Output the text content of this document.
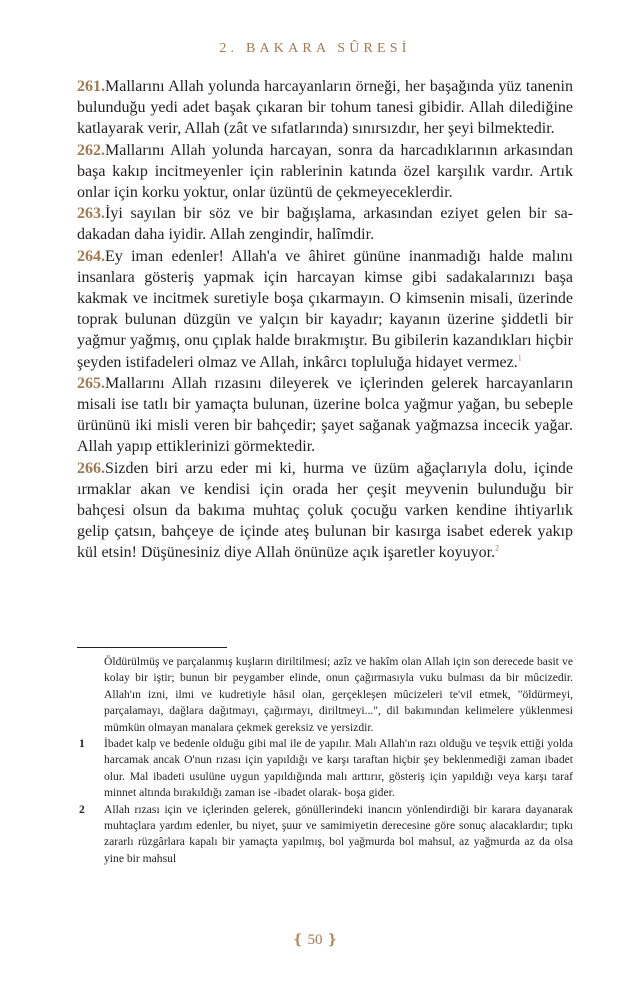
2. BAKARA SÛRESİ

261.Mallarını Allah yolunda harcayanların örneği, her başağında yüz tanenin bulunduğu yedi adet başak çıkaran bir tohum tanesi gibidir. Allah dilediğine katlayarak verir, Allah (zât ve sıfatlarında) sınırsızdır, her şeyi bilmektedir.

262.Mallarını Allah yolunda harcayan, sonra da harcadıklarının arkasından başa kakıp incitmeyenler için rablerinin katında özel karşılık vardır. Artık onlar için korku yoktur, onlar üzüntü de çekmeyeceklerdir.

263.İyi sayılan bir söz ve bir bağışlama, arkasından eziyet gelen bir sadakadan daha iyidir. Allah zengindir, halîmdir.

264.Ey iman edenler! Allah'a ve âhiret gününe inanmadığı halde malını insanlara gösteriş yapmak için harcayan kimse gibi sadakalarınızı başa kakmak ve incitmek suretiyle boşa çıkarmayın. O kimsenin misali, üzerinde toprak bulunan düzgün ve yalçın bir kayadır; kayanın üzerine şiddetli bir yağmur yağmış, onu çıplak halde bırakmıştır. Bu gibilerin kazandıkları hiçbir şeyden istifadeleri olmaz ve Allah, inkârcı topluluğa hidayet vermez.$^1$

265.Mallarını Allah rızasını dileyerek ve içlerinden gelerek harcayanların misali ise tatlı bir yamaçta bulunan, üzerine bolca yağmur yağan, bu sebeple ürününü iki misli veren bir bahçedir; şayet sağanak yağmazsa incecik yağar. Allah yapıp ettiklerinizi görmektedir.

266.Sizden biri arzu eder mi ki, hurma ve üzüm ağaçlarıyla dolu, içinde ırmaklar akan ve kendisi için orada her çeşit meyvenin bulunduğu bir bahçesi olsun da bakıma muhtaç çoluk çocuğu varken kendine ihtiyarlık gelip çatsın, bahçeye de içinde ateş bulunan bir kasırga isabet ederek yakıp kül etsin! Düşünesiniz diye Allah önünüze açık işaretler koyuyor.$^2$

Öldürülmüş ve parçalanmış kuşların diriltilmesi; azîz ve hakîm olan Allah için son derecede basit ve kolay bir iştir; bunun bir peygamber elinde, onun çağırmasıyla vuku bulması da bir mûcizedir. Allah'ın izni, ilmi ve kudretiyle hâsıl olan, gerçekleşen mûcizeleri te'vil etmek, "öldürmeyi, parçalamayı, dağlara dağıtmayı, çağırmayı, diriltmeyi...", dil bakımından kelimelere yüklenmesi mümkün olmayan manalara çekmek gereksiz ve yersizdir.

1 İbadet kalp ve bedenle olduğu gibi mal ile de yapılır. Malı Allah'ın razı olduğu ve teşvik ettiği yolda harcamak ancak O'nun rızası için yapıldığı ve karşı taraftan hiçbir şey beklenmediği zaman ibadet olur. Mal ibadeti usulüne uygun yapıldığında malı arttırır, gösteriş için yapıldığı veya karşı taraf minnet altında bırakıldığı zaman ise -ibadet olarak- boşa gider.

2 Allah rızası için ve içlerinden gelerek, gönüllerindeki inancın yönlendirdiği bir karara dayanarak muhtaçlara yardım edenler, bu niyet, şuur ve samimiyetin derecesine göre sonuç alacaklardır; tıpkı zararlı rüzgârlara kapalı bir yamaçta yapılmış, bol yağmurda bol mahsul, az yağmurda az da olsa yine bir mahsul

❴ 50 ❵
